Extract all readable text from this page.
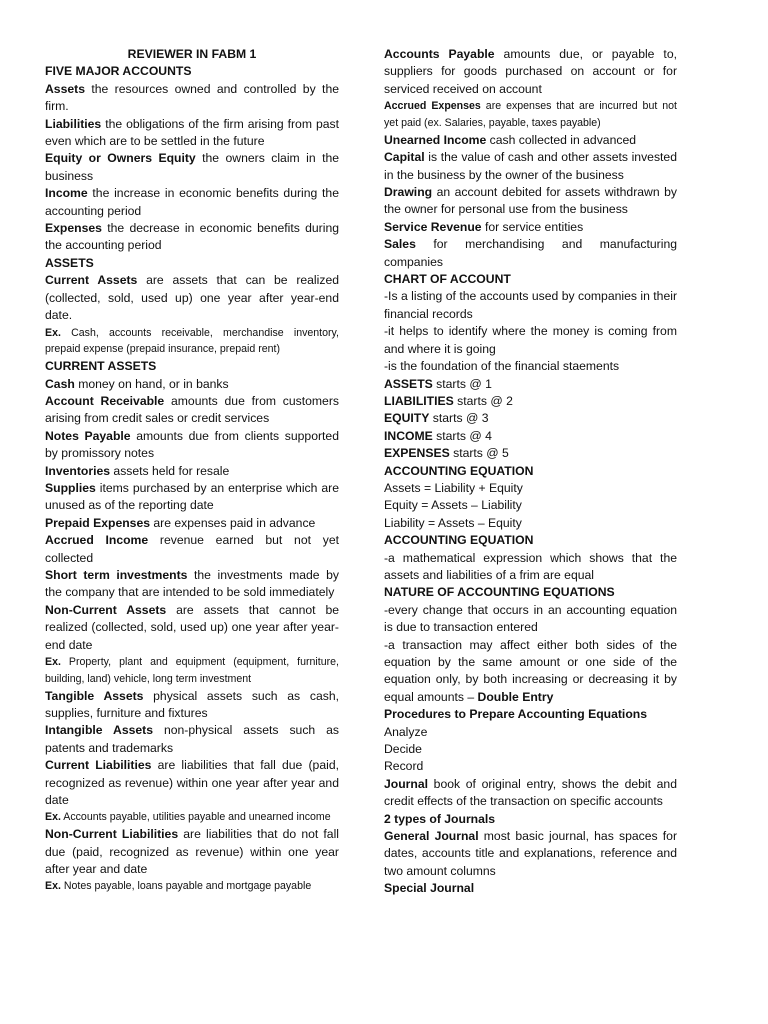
REVIEWER IN FABM 1

FIVE MAJOR ACCOUNTS

Assets the resources owned and controlled by the firm.

Liabilities the obligations of the firm arising from past even which are to be settled in the future

Equity or Owners Equity the owners claim in the business

Income the increase in economic benefits during the accounting period

Expenses the decrease in economic benefits during the accounting period

ASSETS

Current Assets are assets that can be realized (collected, sold, used up) one year after year-end date.

Ex. Cash, accounts receivable, merchandise inventory, prepaid expense (prepaid insurance, prepaid rent)

CURRENT ASSETS

Cash money on hand, or in banks

Account Receivable amounts due from customers arising from credit sales or credit services

Notes Payable amounts due from clients supported by promissory notes

Inventories assets held for resale

Supplies items purchased by an enterprise which are unused as of the reporting date

Prepaid Expenses are expenses paid in advance

Accrued Income revenue earned but not yet collected

Short term investments the investments made by the company that are intended to be sold immediately

Non-Current Assets are assets that cannot be realized (collected, sold, used up) one year after year-end date

Ex. Property, plant and equipment (equipment, furniture, building, land) vehicle, long term investment

Tangible Assets physical assets such as cash, supplies, furniture and fixtures

Intangible Assets non-physical assets such as patents and trademarks

Current Liabilities are liabilities that fall due (paid, recognized as revenue) within one year after year and date

Ex. Accounts payable, utilities payable and unearned income

Non-Current Liabilities are liabilities that do not fall due (paid, recognized as revenue) within one year after year and date

Ex. Notes payable, loans payable and mortgage payable

Accounts Payable amounts due, or payable to, suppliers for goods purchased on account or for serviced received on account

Accrued Expenses are expenses that are incurred but not yet paid (ex. Salaries, payable, taxes payable)

Unearned Income cash collected in advanced

Capital is the value of cash and other assets invested in the business by the owner of the business

Drawing an account debited for assets withdrawn by the owner for personal use from the business

Service Revenue for service entities

Sales for merchandising and manufacturing companies

CHART OF ACCOUNT

-Is a listing of the accounts used by companies in their financial records

-it helps to identify where the money is coming from and where it is going

-is the foundation of the financial staements

ASSETS starts @ 1

LIABILITIES starts @ 2

EQUITY starts @ 3

INCOME starts @ 4

EXPENSES starts @ 5

ACCOUNTING EQUATION

Assets = Liability + Equity

Equity = Assets – Liability

Liability = Assets – Equity

ACCOUNTING EQUATION

-a mathematical expression which shows that the assets and liabilities of a frim are equal

NATURE OF ACCOUNTING EQUATIONS

-every change that occurs in an accounting equation is due to transaction entered

-a transaction may affect either both sides of the equation by the same amount or one side of the equation only, by both increasing or decreasing it by equal amounts – Double Entry

Procedures to Prepare Accounting Equations

Analyze

Decide

Record

Journal book of original entry, shows the debit and credit effects of the transaction on specific accounts

2 types of Journals

General Journal most basic journal, has spaces for dates, accounts title and explanations, reference and two amount columns

Special Journal
